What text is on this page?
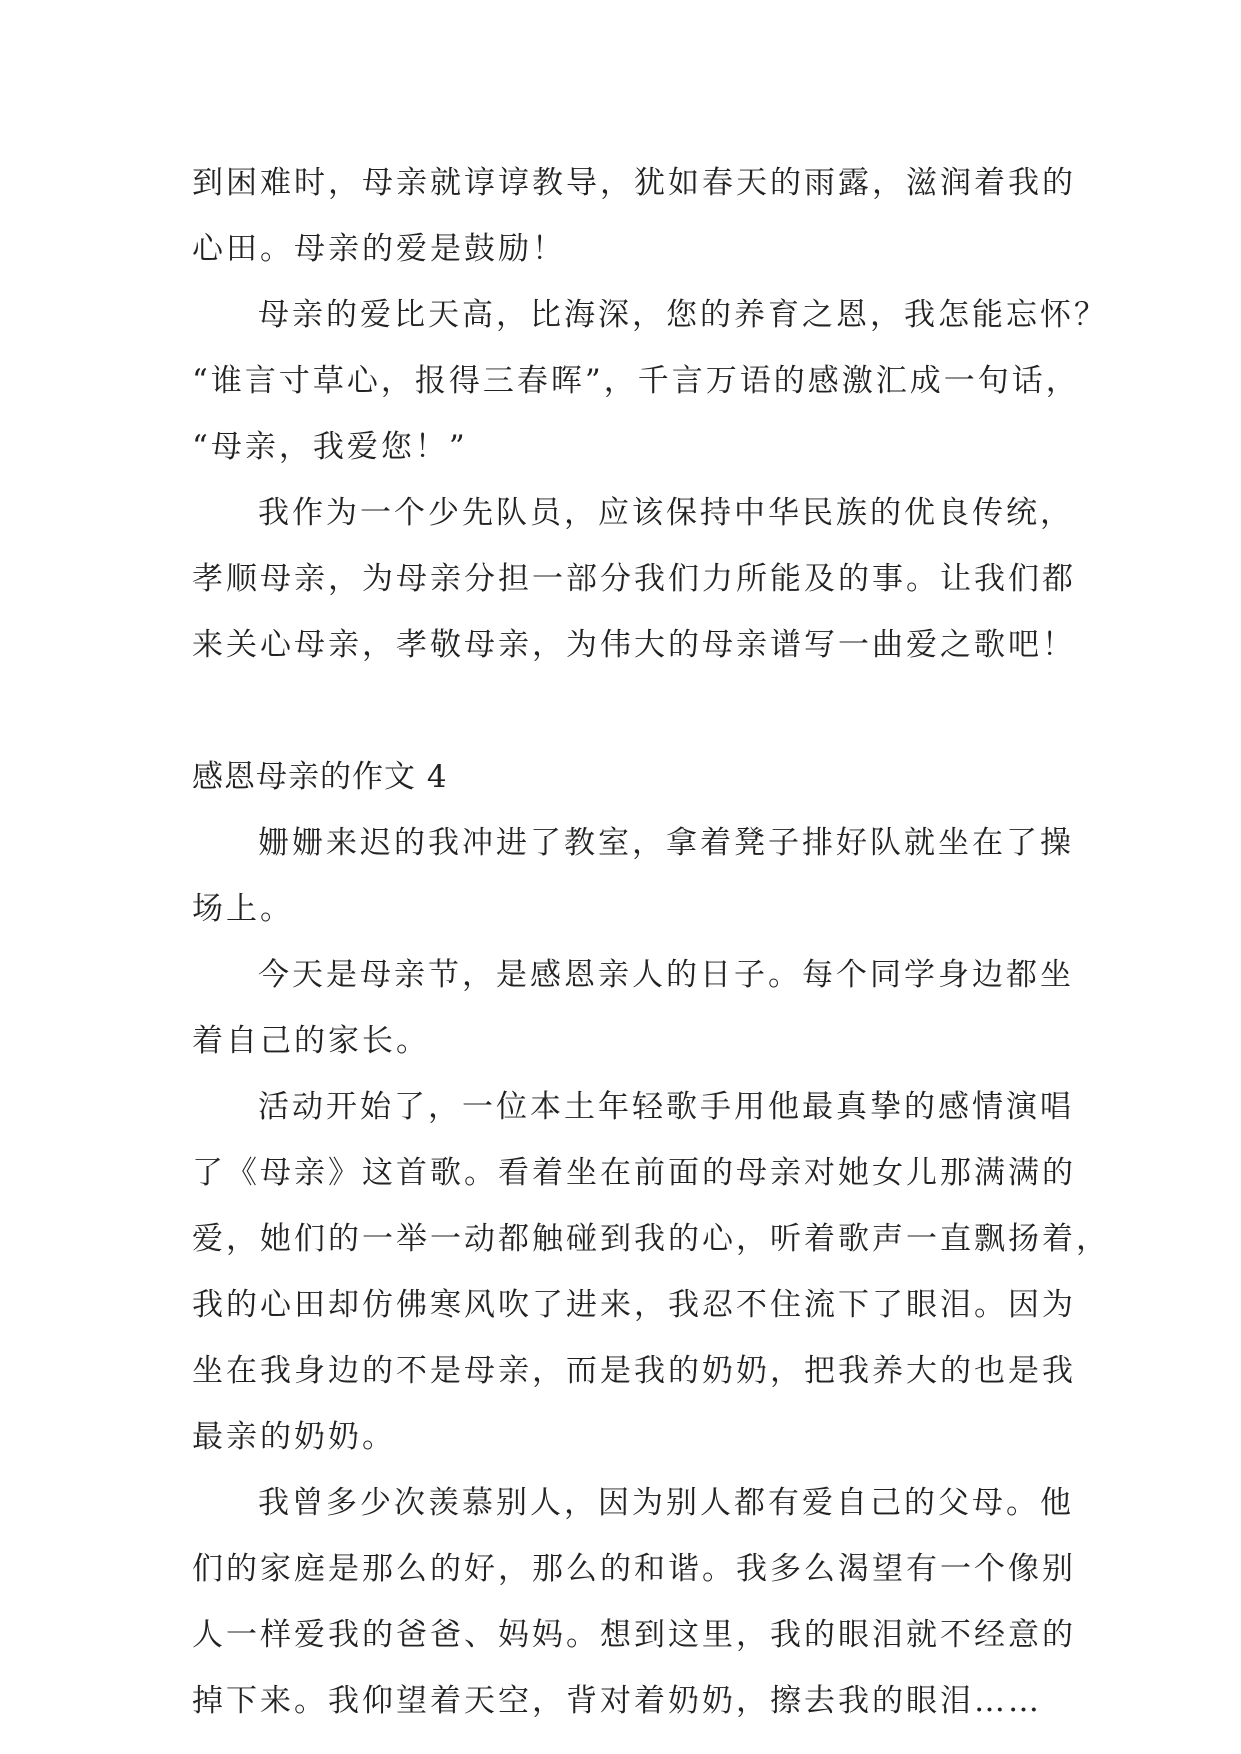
到困难时，母亲就谆谆教导，犹如春天的雨露，滋润着我的
心田。母亲的爱是鼓励！
母亲的爱比天高，比海深，您的养育之恩，我怎能忘怀？
“谁言寸草心，报得三春晖”，千言万语的感激汇成一句话，
“母亲，我爱您！”
我作为一个少先队员，应该保持中华民族的优良传统，
孝顺母亲，为母亲分担一部分我们力所能及的事。让我们都
来关心母亲，孝敬母亲，为伟大的母亲谱写一曲爱之歌吧！
感恩母亲的作文 4
姗姗来迟的我冲进了教室，拿着凳子排好队就坐在了操
场上。
今天是母亲节，是感恩亲人的日子。每个同学身边都坐
着自己的家长。
活动开始了，一位本土年轻歌手用他最真挚的感情演唱
了《母亲》这首歌。看着坐在前面的母亲对她女儿那满满的
爱，她们的一举一动都触碰到我的心，听着歌声一直飘扬着，
我的心田却仿佛寒风吹了进来，我忍不住流下了眼泪。因为
坐在我身边的不是母亲，而是我的奶奶，把我养大的也是我
最亲的奶奶。
我曾多少次羡慕别人，因为别人都有爱自己的父母。他
们的家庭是那么的好，那么的和谐。我多么渴望有一个像别
人一样爱我的爸爸、妈妈。想到这里，我的眼泪就不经意的
掉下来。我仰望着天空，背对着奶奶，擦去我的眼泪……
